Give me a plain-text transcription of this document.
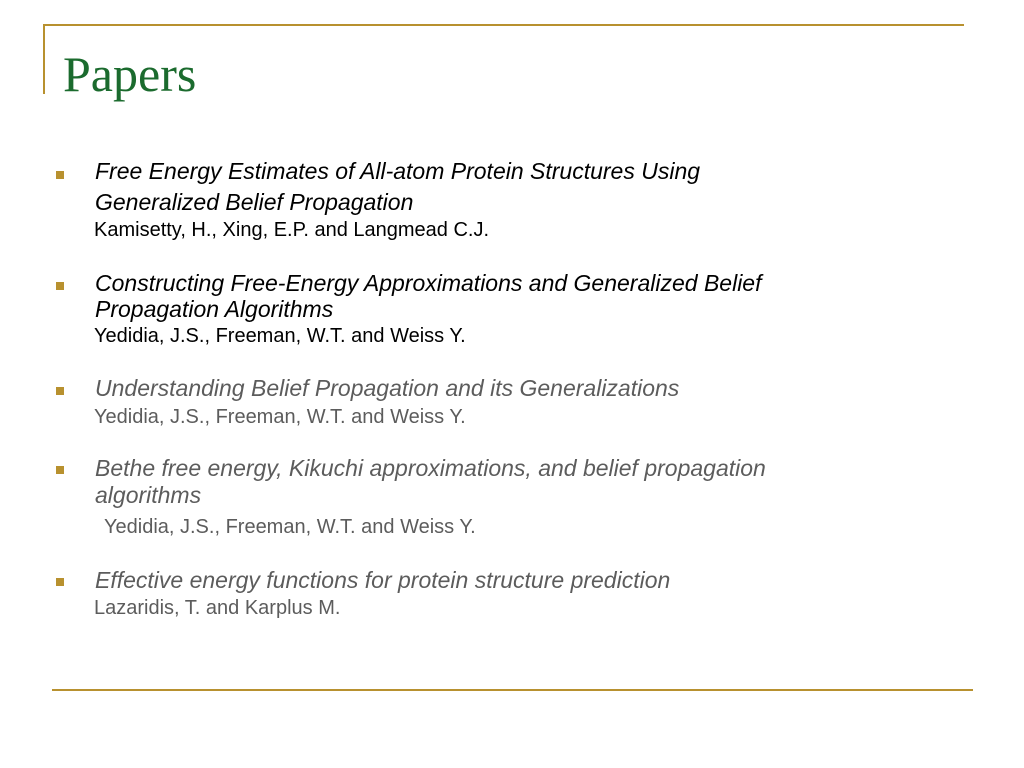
Papers

Free Energy Estimates of All-atom Protein Structures Using

Generalized Belief Propagation

Kamisetty, H., Xing, E.P. and Langmead C.J.

Constructing Free-Energy Approximations and Generalized Belief

Propagation Algorithms

Yedidia, J.S., Freeman, W.T. and Weiss Y.

Understanding Belief Propagation and its Generalizations

Yedidia, J.S., Freeman, W.T. and Weiss Y.

Bethe free energy, Kikuchi approximations, and belief propagation

algorithms

Yedidia, J.S., Freeman, W.T. and Weiss Y.

Effective energy functions for protein structure prediction

Lazaridis, T. and Karplus M.
